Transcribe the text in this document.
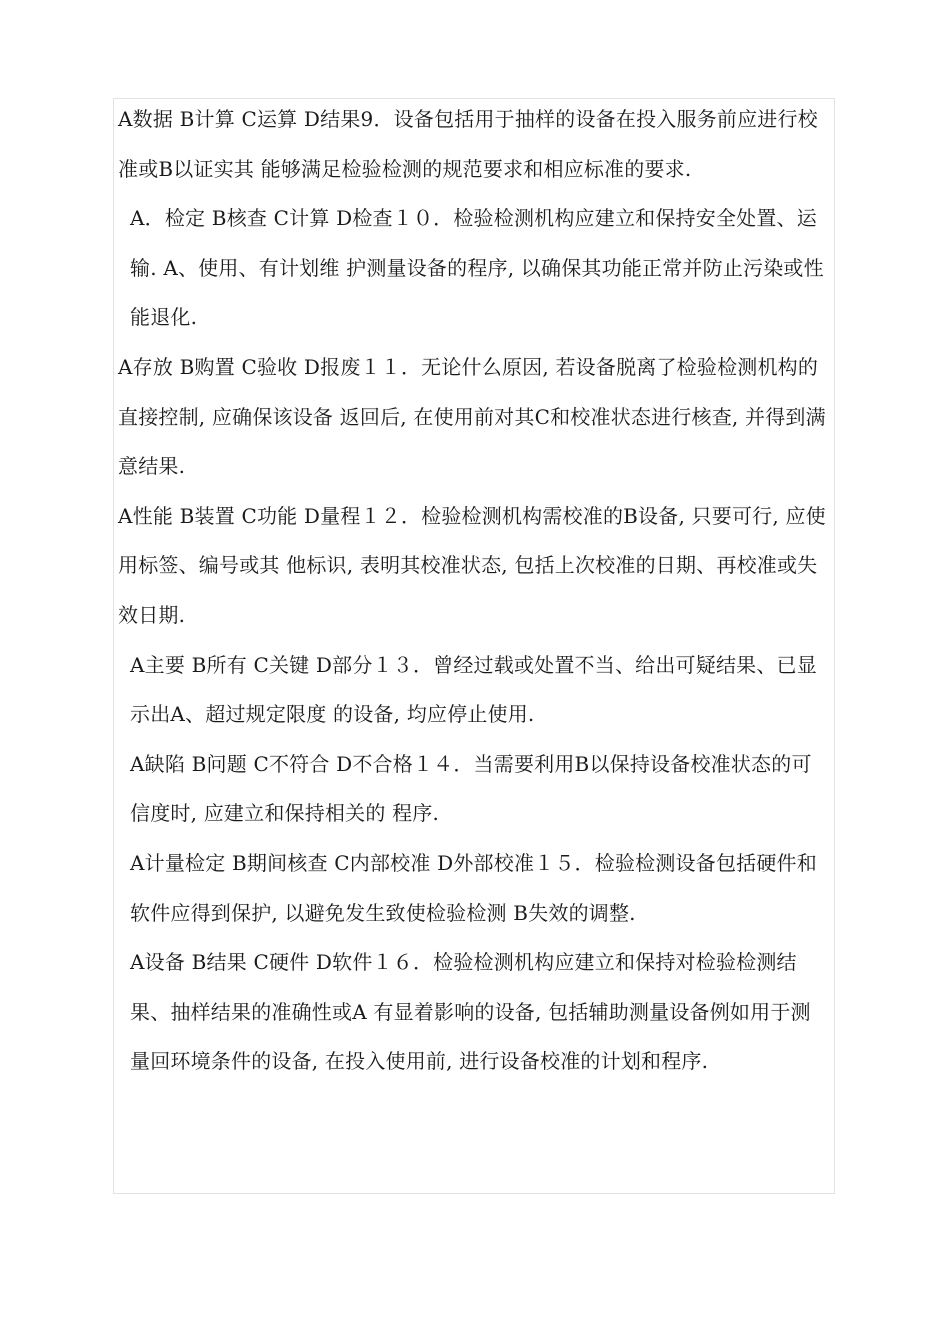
A数据 B计算 C运算 D结果9．设备包括用于抽样的设备在投入服务前应进行校准或B以证实其 能够满足检验检测的规范要求和相应标准的要求.

A．检定 B核查 C计算 D检查１０．检验检测机构应建立和保持安全处置、运输. A、使用、有计划维 护测量设备的程序, 以确保其功能正常并防止污染或性能退化.

A存放 B购置 C验收 D报废１１．无论什么原因, 若设备脱离了检验检测机构的直接控制, 应确保该设备 返回后, 在使用前对其C和校准状态进行核查, 并得到满意结果.

A性能 B装置 C功能 D量程１２．检验检测机构需校准的B设备, 只要可行, 应使用标签、编号或其 他标识, 表明其校准状态, 包括上次校准的日期、再校准或失效日期.

A主要 B所有 C关键 D部分１３．曾经过载或处置不当、给出可疑结果、已显示出A、超过规定限度 的设备, 均应停止使用.

A缺陷 B问题 C不符合 D不合格１４．当需要利用B以保持设备校准状态的可信度时, 应建立和保持相关的 程序.

A计量检定 B期间核查 C内部校准 D外部校准１５．检验检测设备包括硬件和软件应得到保护, 以避免发生致使检验检测 B失效的调整.

A设备 B结果 C硬件 D软件１６．检验检测机构应建立和保持对检验检测结果、抽样结果的准确性或A 有显着影响的设备, 包括辅助测量设备例如用于测量回环境条件的设备, 在投入使用前, 进行设备校准的计划和程序.
